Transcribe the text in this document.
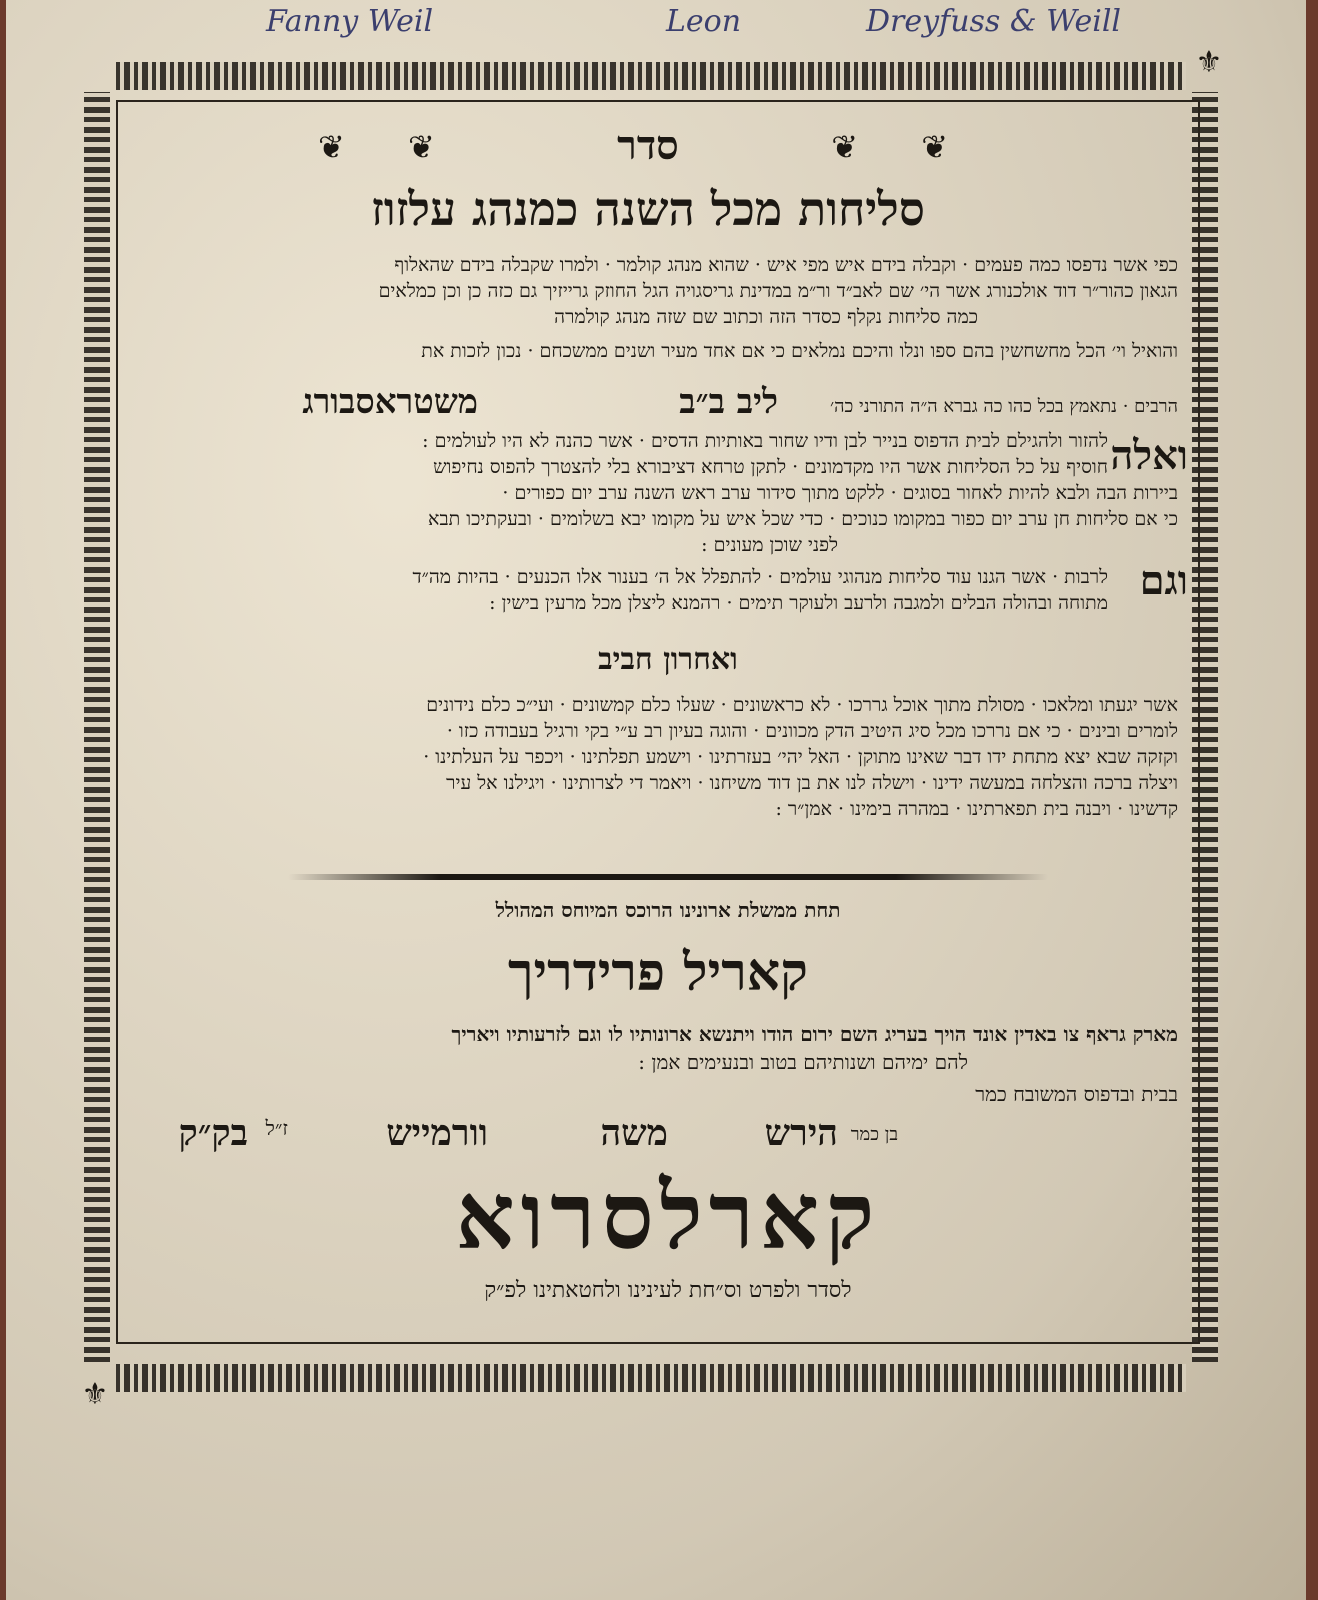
Fanny Weil	Leon	Dreyfuss & Weill
⚜
⚜
❦
❦
❦
❦	סדר
סליחות מכל השנה כמנהג עלזוז
כפי אשר נדפסו כמה פעמים · וקבלה בידם איש מפי איש · שהוא מנהג קולמר · ולמרו שקבלה בידם שהאלוף
הגאון כהור״ר דוד אולכנורג אשר הי׳ שם לאב״ד ור״מ במדינת גריסגויה הגל החוזק גרייזיך גם כזה כן וכן כמלאים
כמה סליחות נקלף כסדר הזה וכתוב שם שזה מנהג קולמרה
והואיל וי׳ הכל מחשחשין בהם ספו ונלו והיכם נמלאים כי אם אחד מעיר ושנים ממשכחם · נכון לזכות את
הרבים · נתאמץ בכל כהו כה גברא ה״ה התורני כה׳
ליב ב״ב
משטראסבורג
ואלה
להזור ולהגילם לבית הדפוס בנייר לבן ודיו שחור באותיות הדסים · אשר כהנה לא היו לעולמים :
חוסיף על כל הסליחות אשר היו מקדמונים · לתקן טרחא דציבורא בלי להצטרך להפוס נחיפוש
ביירות הבה ולבא להיות לאחור בסוגים · ללקט מתוך סידור ערב ראש השנה ערב יום כפורים ·
כי אם סליחות חן ערב יום כפור במקומו כנוכים · כדי שכל איש על מקומו יבא בשלומים · ובעקתיכו תבא
לפני שוכן מעונים :
וגם
לרבות · אשר הגנו עוד סליחות מנהוגי עולמים · להתפלל אל ה׳ בענור אלו הכנעים · בהיות מה״ד
מתוחה ובהולה הבלים ולמגבה ולרעב ולעוקר תימים · רהמנא ליצלן מכל מרעין בישין :
ואחרון חביב
אשר יגעתו ומלאכו · מסולת מתוך אוכל גררכו · לא כראשונים · שעלו כלם קמשונים · ועי״כ כלם נידונים
לומרים ובינים · כי אם נררכו מכל סיג היטיב הדק מכוונים · והוגה בעיון רב ע״י בקי ורגיל בעבודה כזו ·
וקזקה שבא יצא מתחת ידו דבר שאינו מתוקן · האל יהי׳ בעזרתינו · וישמע תפלתינו · ויכפר על העלתינו ·
ויצלה ברכה והצלחה במעשה ידינו · וישלה לנו את בן דוד משיחנו · ויאמר די לצרותינו · ויגילנו אל עיר
קדשינו · ויבנה בית תפארתינו · במהרה בימינו · אמן״ר :
תחת ממשלת ארונינו הרוכס המיוחס המהולל
קאריל פרידריך
מארק גראף צו באדין אונד הויך בעריג השם ירום הודו ויתנשא ארונותיו לו וגם לזרעותיו ויאריך
להם ימיהם ושנותיהם בטוב ובנעימים אמן :
בבית ובדפוס המשובח כמר
הירש בן כמר
משה
וורמייש
ז״ל
בק״ק
קארלסרוא
לסדר ולפרט וס״חת לעינינו ולחטאתינו לפ״ק
